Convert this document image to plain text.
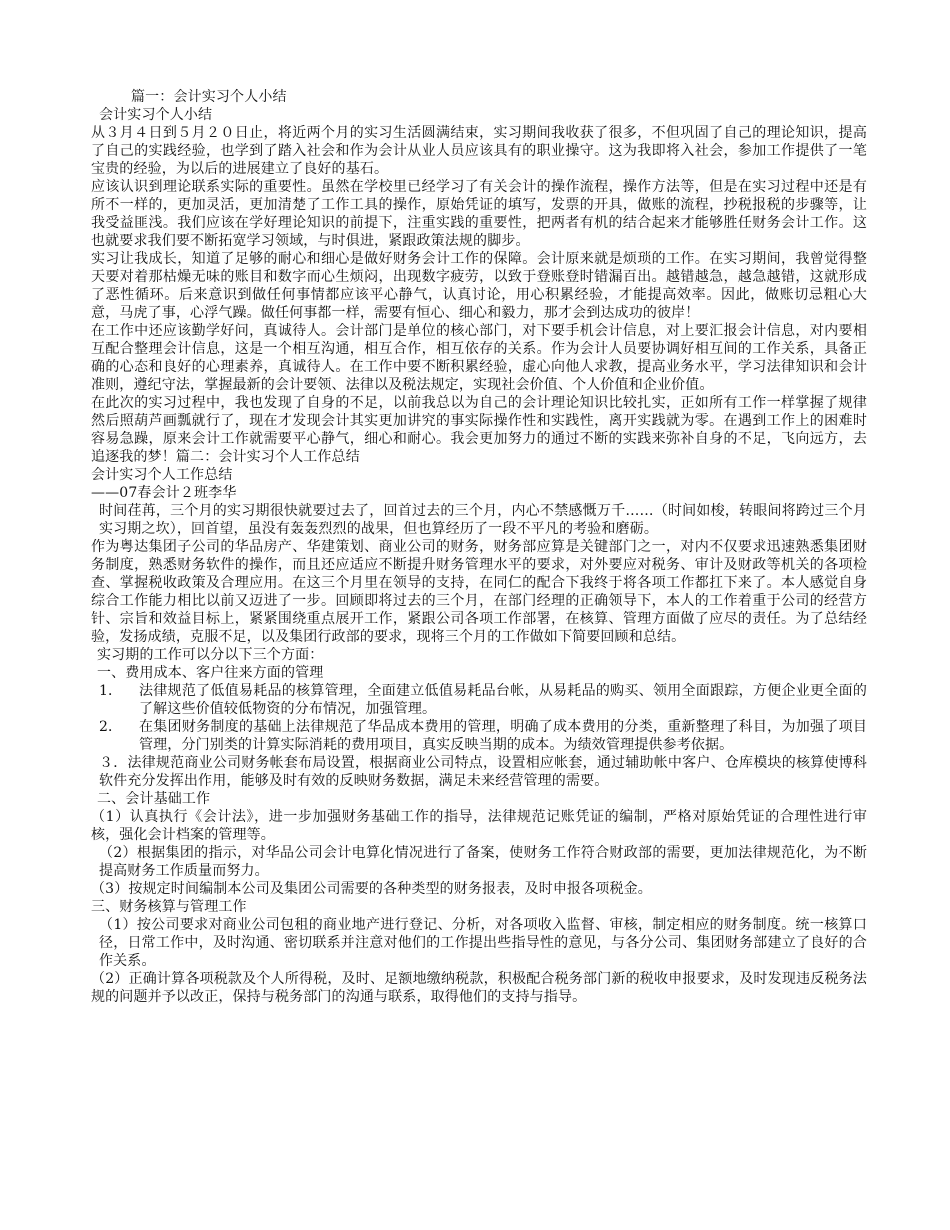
篇一：会计实习个人小结

会计实习个人小结

从３月４日到５月２０日止，将近两个月的实习生活圆满结束，实习期间我收获了很多，不但巩固了自己的理论知识，提高了自己的实践经验，也学到了踏入社会和作为会计从业人员应该具有的职业操守。这为我即将入社会，参加工作提供了一笔宝贵的经验，为以后的进展建立了良好的基石。

应该认识到理论联系实际的重要性。虽然在学校里已经学习了有关会计的操作流程，操作方法等，但是在实习过程中还是有所不一样的，更加灵活，更加清楚了工作工具的操作，原始凭证的填写，发票的开具，做账的流程，抄税报税的步骤等，让我受益匪浅。我们应该在学好理论知识的前提下，注重实践的重要性，把两者有机的结合起来才能够胜任财务会计工作。这也就要求我们要不断拓宽学习领域，与时俱进，紧跟政策法规的脚步。

实习让我成长，知道了足够的耐心和细心是做好财务会计工作的保障。会计原来就是烦琐的工作。在实习期间，我曾觉得整天要对着那枯燥无味的账目和数字而心生烦闷，出现数字疲劳，以致于登账登时错漏百出。越错越急，越急越错，这就形成了恶性循环。后来意识到做任何事情都应该平心静气，认真讨论，用心积累经验，才能提高效率。因此，做账切忌粗心大意，马虎了事，心浮气躁。做任何事都一样，需要有恒心、细心和毅力，那才会到达成功的彼岸！

在工作中还应该勤学好问，真诚待人。会计部门是单位的核心部门，对下要手机会计信息，对上要汇报会计信息，对内要相互配合整理会计信息，这是一个相互沟通，相互合作，相互依存的关系。作为会计人员要协调好相互间的工作关系，具备正确的心态和良好的心理素养，真诚待人。在工作中要不断积累经验，虚心向他人求教，提高业务水平，学习法律知识和会计准则，遵纪守法，掌握最新的会计要领、法律以及税法规定，实现社会价值、个人价值和企业价值。

在此次的实习过程中，我也发现了自身的不足，以前我总以为自己的会计理论知识比较扎实，正如所有工作一样掌握了规律然后照葫芦画瓢就行了，现在才发现会计其实更加讲究的事实际操作性和实践性，离开实践就为零。在遇到工作上的困难时容易急躁，原来会计工作就需要平心静气，细心和耐心。我会更加努力的通过不断的实践来弥补自身的不足，飞向远方，去追逐我的梦！篇二：会计实习个人工作总结

会计实习个人工作总结

——07春会计２班李华

时间荏苒，三个月的实习期很快就要过去了，回首过去的三个月，内心不禁感慨万千……（时间如梭，转眼间将跨过三个月实习期之坎），回首望，虽没有轰轰烈烈的战果，但也算经历了一段不平凡的考验和磨砺。

作为粤达集团子公司的华品房产、华建策划、商业公司的财务，财务部应算是关键部门之一，对内不仅要求迅速熟悉集团财务制度，熟悉财务软件的操作，而且还应适应不断提升财务管理水平的要求，对外要应对税务、审计及财政等机关的各项检查、掌握税收政策及合理应用。在这三个月里在领导的支持，在同仁的配合下我终于将各项工作都扛下来了。本人感觉自身综合工作能力相比以前又迈进了一步。回顾即将过去的三个月，在部门经理的正确领导下，本人的工作着重于公司的经营方针、宗旨和效益目标上，紧紧围绕重点展开工作，紧跟公司各项工作部署，在核算、管理方面做了应尽的责任。为了总结经验，发扬成绩，克服不足，以及集团行政部的要求，现将三个月的工作做如下简要回顾和总结。

实习期的工作可以分以下三个方面：

一、费用成本、客户往来方面的管理

1．	法律规范了低值易耗品的核算管理，全面建立低值易耗品台帐，从易耗品的购买、领用全面跟踪，方便企业更全面的了解这些价值较低物资的分布情况，加强管理。
2．	在集团财务制度的基础上法律规范了华品成本费用的管理，明确了成本费用的分类，重新整理了科目，为加强了项目管理，分门别类的计算实际消耗的费用项目，真实反映当期的成本。为绩效管理提供参考依据。

３．法律规范商业公司财务帐套布局设置，根据商业公司特点，设置相应帐套，通过辅助帐中客户、仓库模块的核算使博科软件充分发挥出作用，能够及时有效的反映财务数据，满足未来经营管理的需要。

二、会计基础工作

（1）认真执行《会计法》，进一步加强财务基础工作的指导，法律规范记账凭证的编制，严格对原始凭证的合理性进行审核，强化会计档案的管理等。

（2）根据集团的指示，对华品公司会计电算化情况进行了备案，使财务工作符合财政部的需要，更加法律规范化，为不断提高财务工作质量而努力。

（3）按规定时间编制本公司及集团公司需要的各种类型的财务报表，及时申报各项税金。

三、财务核算与管理工作

（1）按公司要求对商业公司包租的商业地产进行登记、分析，对各项收入监督、审核，制定相应的财务制度。统一核算口径，日常工作中，及时沟通、密切联系并注意对他们的工作提出些指导性的意见，与各分公司、集团财务部建立了良好的合作关系。

（2）正确计算各项税款及个人所得税，及时、足额地缴纳税款，积极配合税务部门新的税收申报要求，及时发现违反税务法规的问题并予以改正，保持与税务部门的沟通与联系，取得他们的支持与指导。
